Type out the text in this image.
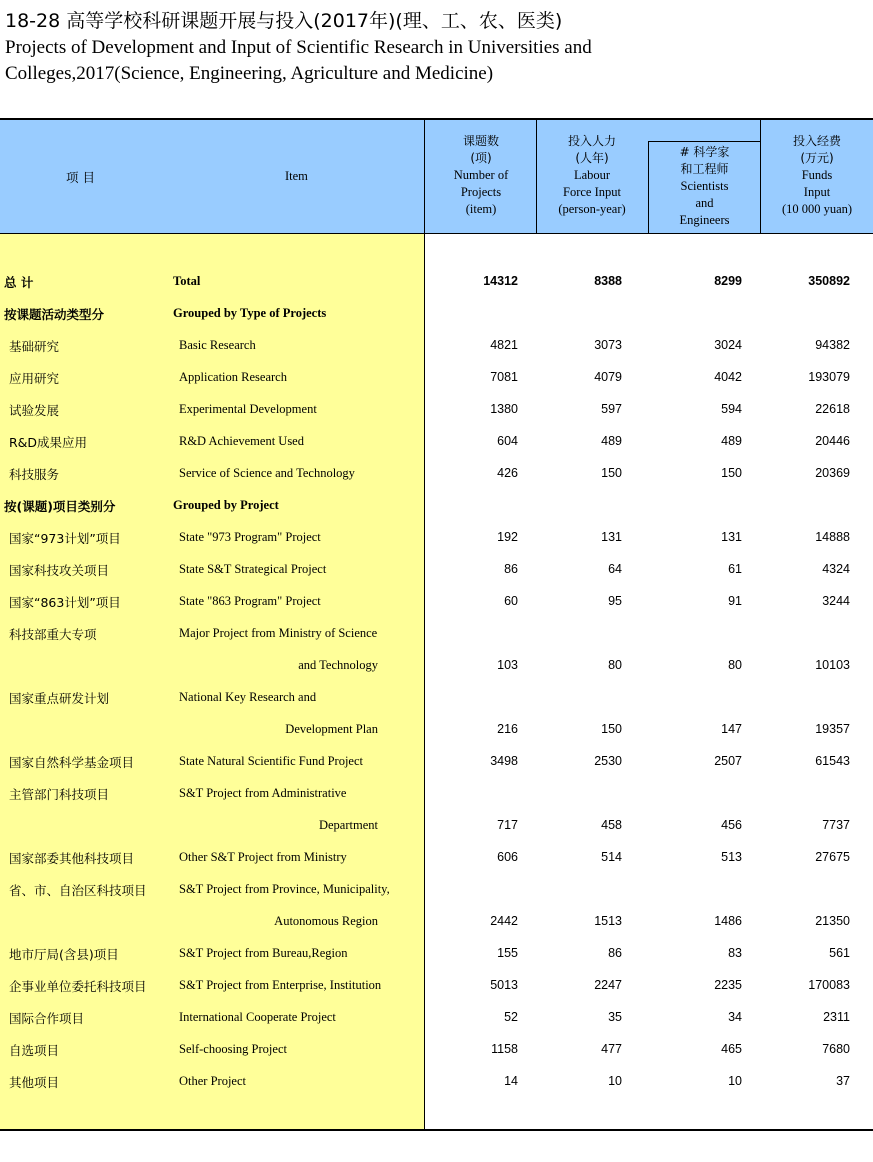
18-28 高等学校科研课题开展与投入(2017年)(理、工、农、医类)
Projects of Development and Input of Scientific Research in Universities and
Colleges,2017(Science, Engineering, Agriculture and Medicine)
项 目	Item
课题数
(项)
Number of
Projects
(item)
投入人力
(人年)
Labour
Force Input
(person-year)
# 科学家
和工程师
Scientists
and
Engineers
投入经费
(万元)
Funds
Input
(10 000 yuan)
总 计	Total	14312	8388	8299	350892
按课题活动类型分	Grouped by Type of Projects
基础研究	Basic Research	4821	3073	3024	94382
应用研究	Application Research	7081	4079	4042	193079
试验发展	Experimental Development	1380	597	594	22618
R&D成果应用	R&D Achievement Used	604	489	489	20446
科技服务	Service of Science and Technology	426	150	150	20369
按(课题)项目类别分	Grouped by Project
国家“973计划”项目	State "973 Program" Project	192	131	131	14888
国家科技攻关项目	State S&T Strategical Project	86	64	61	4324
国家“863计划”项目	State "863 Program" Project	60	95	91	3244
科技部重大专项	Major Project from Ministry of Science
and Technology	103	80	80	10103
国家重点研发计划	National Key Research and
Development Plan	216	150	147	19357
国家自然科学基金项目	State Natural Scientific Fund Project	3498	2530	2507	61543
主管部门科技项目	S&T Project from Administrative
Department	717	458	456	7737
国家部委其他科技项目	Other S&T Project from Ministry	606	514	513	27675
省、市、自治区科技项目	S&T Project from Province, Municipality,
Autonomous Region	2442	1513	1486	21350
地市厅局(含县)项目	S&T Project from Bureau,Region	155	86	83	561
企事业单位委托科技项目	S&T Project from Enterprise, Institution	5013	2247	2235	170083
国际合作项目	International Cooperate Project	52	35	34	2311
自选项目	Self-choosing Project	1158	477	465	7680
其他项目	Other Project	14	10	10	37
